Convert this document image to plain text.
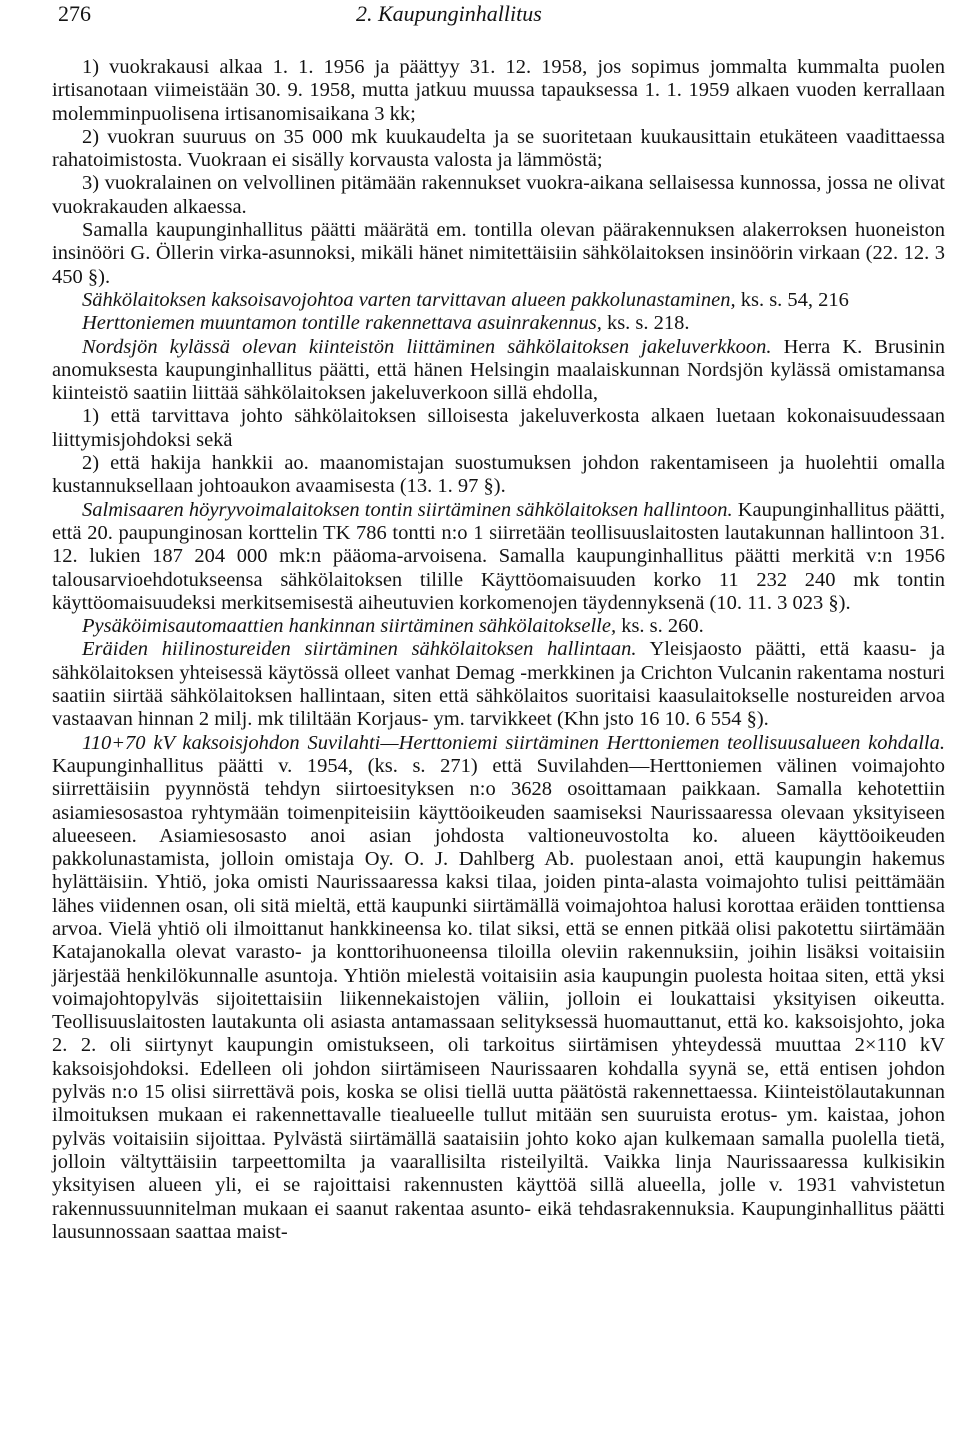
276	2. Kaupunginhallitus

1) vuokrakausi alkaa 1. 1. 1956 ja päättyy 31. 12. 1958, jos sopimus jommalta kummalta puolen irtisanotaan viimeistään 30. 9. 1958, mutta jatkuu muussa tapauksessa 1. 1. 1959 alkaen vuoden kerrallaan molemminpuolisena irtisanomisaikana 3 kk;

2) vuokran suuruus on 35 000 mk kuukaudelta ja se suoritetaan kuukausittain etukäteen vaadittaessa rahatoimistosta. Vuokraan ei sisälly korvausta valosta ja lämmöstä;

3) vuokralainen on velvollinen pitämään rakennukset vuokra-aikana sellaisessa kunnossa, jossa ne olivat vuokrakauden alkaessa.

Samalla kaupunginhallitus päätti määrätä em. tontilla olevan päärakennuksen alakerroksen huoneiston insinööri G. Öllerin virka-asunnoksi, mikäli hänet nimitettäisiin sähkölaitoksen insinöörin virkaan (22. 12. 3 450 §).

Sähkölaitoksen kaksoisavojohtoa varten tarvittavan alueen pakkolunastaminen, ks. s. 54, 216

Herttoniemen muuntamon tontille rakennettava asuinrakennus, ks. s. 218.

Nordsjön kylässä olevan kiinteistön liittäminen sähkölaitoksen jakeluverkkoon. Herra K. Brusinin anomuksesta kaupunginhallitus päätti, että hänen Helsingin maalaiskunnan Nordsjön kylässä omistamansa kiinteistö saatiin liittää sähkölaitoksen jakeluverkoon sillä ehdolla,

1) että tarvittava johto sähkölaitoksen silloisesta jakeluverkosta alkaen luetaan kokonaisuudessaan liittymisjohdoksi sekä

2) että hakija hankkii ao. maanomistajan suostumuksen johdon rakentamiseen ja huolehtii omalla kustannuksellaan johtoaukon avaamisesta (13. 1. 97 §).

Salmisaaren höyryvoimalaitoksen tontin siirtäminen sähkölaitoksen hallintoon. Kaupunginhallitus päätti, että 20. paupunginosan korttelin TK 786 tontti n:o 1 siirretään teollisuuslaitosten lautakunnan hallintoon 31. 12. lukien 187 204 000 mk:n pääoma-arvoisena. Samalla kaupunginhallitus päätti merkitä v:n 1956 talousarvioehdotukseensa sähkölaitoksen tilille Käyttöomaisuuden korko 11 232 240 mk tontin käyttöomaisuudeksi merkitsemisestä aiheutuvien korkomenojen täydennyksenä (10. 11. 3 023 §).

Pysäköimisautomaattien hankinnan siirtäminen sähkölaitokselle, ks. s. 260.

Eräiden hiilinostureiden siirtäminen sähkölaitoksen hallintaan. Yleisjaosto päätti, että kaasu- ja sähkölaitoksen yhteisessä käytössä olleet vanhat Demag -merkkinen ja Crichton Vulcanin rakentama nosturi saatiin siirtää sähkölaitoksen hallintaan, siten että sähkölaitos suoritaisi kaasulaitokselle nostureiden arvoa vastaavan hinnan 2 milj. mk tililtään Korjaus- ym. tarvikkeet (Khn jsto 16 10. 6 554 §).

110+70 kV kaksoisjohdon Suvilahti—Herttoniemi siirtäminen Herttoniemen teollisuusalueen kohdalla. Kaupunginhallitus päätti v. 1954, (ks. s. 271) että Suvilahden—Herttoniemen välinen voimajohto siirrettäisiin pyynnöstä tehdyn siirtoesityksen n:o 3628 osoittamaan paikkaan. Samalla kehotettiin asiamiesosastoa ryhtymään toimenpiteisiin käyttöoikeuden saamiseksi Naurissaaressa olevaan yksityiseen alueeseen. Asiamiesosasto anoi asian johdosta valtioneuvostolta ko. alueen käyttöoikeuden pakkolunastamista, jolloin omistaja Oy. O. J. Dahlberg Ab. puolestaan anoi, että kaupungin hakemus hylättäisiin. Yhtiö, joka omisti Naurissaaressa kaksi tilaa, joiden pinta-alasta voimajohto tulisi peittämään lähes viidennen osan, oli sitä mieltä, että kaupunki siirtämällä voimajohtoa halusi korottaa eräiden tonttiensa arvoa. Vielä yhtiö oli ilmoittanut hankkineensa ko. tilat siksi, että se ennen pitkää olisi pakotettu siirtämään Katajanokalla olevat varasto- ja konttorihuoneensa tiloilla oleviin rakennuksiin, joihin lisäksi voitaisiin järjestää henkilökunnalle asuntoja. Yhtiön mielestä voitaisiin asia kaupungin puolesta hoitaa siten, että yksi voimajohtopylväs sijoitettaisiin liikennekaistojen väliin, jolloin ei loukattaisi yksityisen oikeutta. Teollisuuslaitosten lautakunta oli asiasta antamassaan selityksessä huomauttanut, että ko. kaksoisjohto, joka 2. 2. oli siirtynyt kaupungin omistukseen, oli tarkoitus siirtämisen yhteydessä muuttaa 2×110 kV kaksoisjohdoksi. Edelleen oli johdon siirtämiseen Naurissaaren kohdalla syynä se, että entisen johdon pylväs n:o 15 olisi siirrettävä pois, koska se olisi tiellä uutta päätöstä rakennettaessa. Kiinteistölautakunnan ilmoituksen mukaan ei rakennettavalle tiealueelle tullut mitään sen suuruista erotus- ym. kaistaa, johon pylväs voitaisiin sijoittaa. Pylvästä siirtämällä saataisiin johto koko ajan kulkemaan samalla puolella tietä, jolloin vältyttäisiin tarpeettomilta ja vaarallisilta risteilyiltä. Vaikka linja Naurissaaressa kulkisikin yksityisen alueen yli, ei se rajoittaisi rakennusten käyttöä sillä alueella, jolle v. 1931 vahvistetun rakennussuunnitelman mukaan ei saanut rakentaa asunto- eikä tehdasrakennuksia. Kaupunginhallitus päätti lausunnossaan saattaa maist-
